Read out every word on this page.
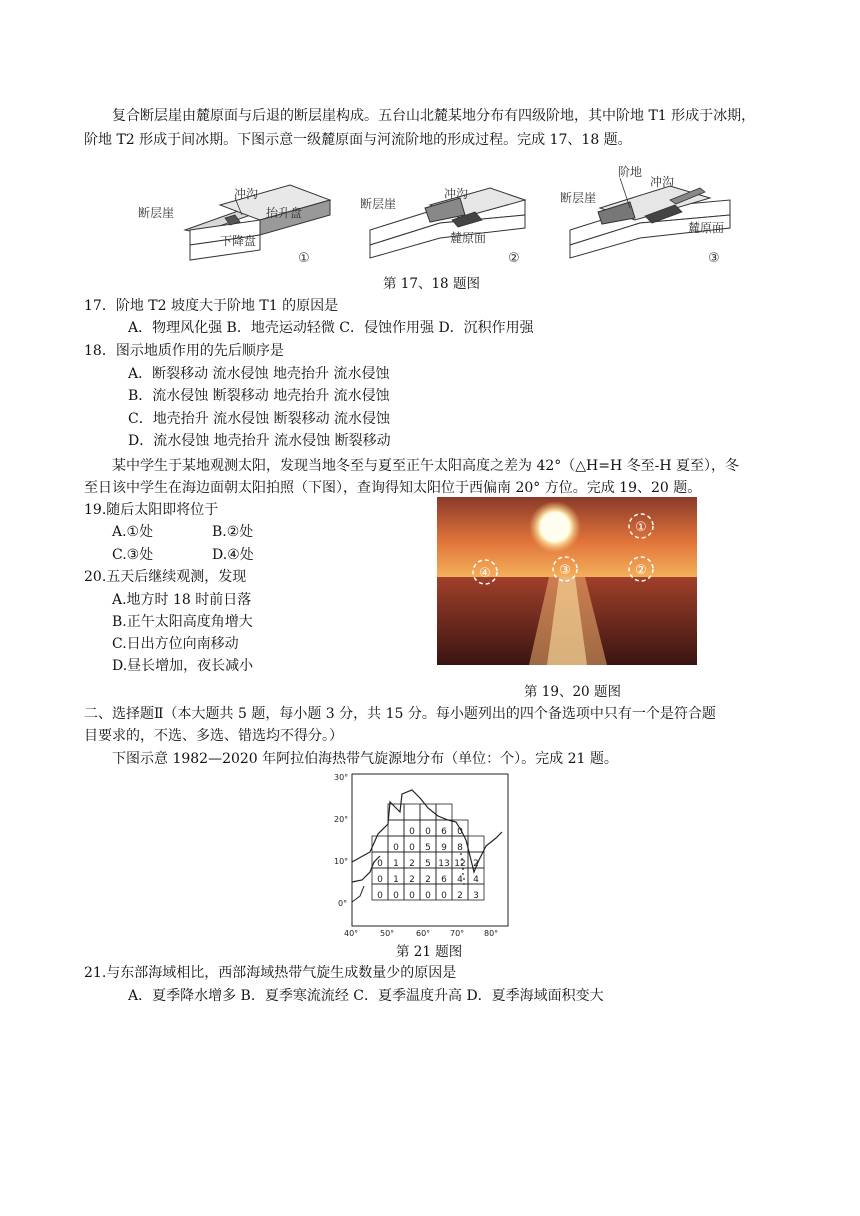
复合断层崖由麓原面与后退的断层崖构成。五台山北麓某地分布有四级阶地，其中阶地 T1 形成于冰期，
阶地 T2 形成于间冰期。下图示意一级麓原面与河流阶地的形成过程。完成 17、18 题。
断层崖
冲沟
抬升盘
下降盘
①
断层崖
冲沟
麓原面
②
阶地
冲沟
断层崖
麓原面
③
第 17、18 题图
17．阶地 T2 坡度大于阶地 T1 的原因是
A．物理风化强 B．地壳运动轻微 C．侵蚀作用强 D．沉积作用强
18．图示地质作用的先后顺序是
A．断裂移动 流水侵蚀 地壳抬升 流水侵蚀
B．流水侵蚀 断裂移动 地壳抬升 流水侵蚀
C．地壳抬升 流水侵蚀 断裂移动 流水侵蚀
D．流水侵蚀 地壳抬升 流水侵蚀 断裂移动
某中学生于某地观测太阳，发现当地冬至与夏至正午太阳高度之差为 42°（△H=H 冬至-H 夏至），冬
至日该中学生在海边面朝太阳拍照（下图），查询得知太阳位于西偏南 20° 方位。完成 19、20 题。
19.随后太阳即将位于
A.①处	B.②处
C.③处	D.④处
20.五天后继续观测，发现
A.地方时 18 时前日落
B.正午太阳高度角增大
C.日出方位向南移动
D.昼长增加，夜长减小
①
②
③
④
第 19、20 题图
二、选择题Ⅱ（本大题共 5 题，每小题 3 分，共 15 分。每小题列出的四个备选项中只有一个是符合题
目要求的，不选、多选、错选均不得分。）
下图示意 1982—2020 年阿拉伯海热带气旋源地分布（单位：个）。完成 21 题。
0 0 6 0
0 0 5 9 8
0 1 2 5 13 12 2
0 1 2 2 6 4 4
0 0 0 0 0 2 3
30°
20°
10°
0°
40°	50°	60° 70° 80°
第 21 题图
21.与东部海域相比，西部海域热带气旋生成数量少的原因是
A．夏季降水增多 B．夏季寒流流经 C．夏季温度升高 D．夏季海域面积变大
